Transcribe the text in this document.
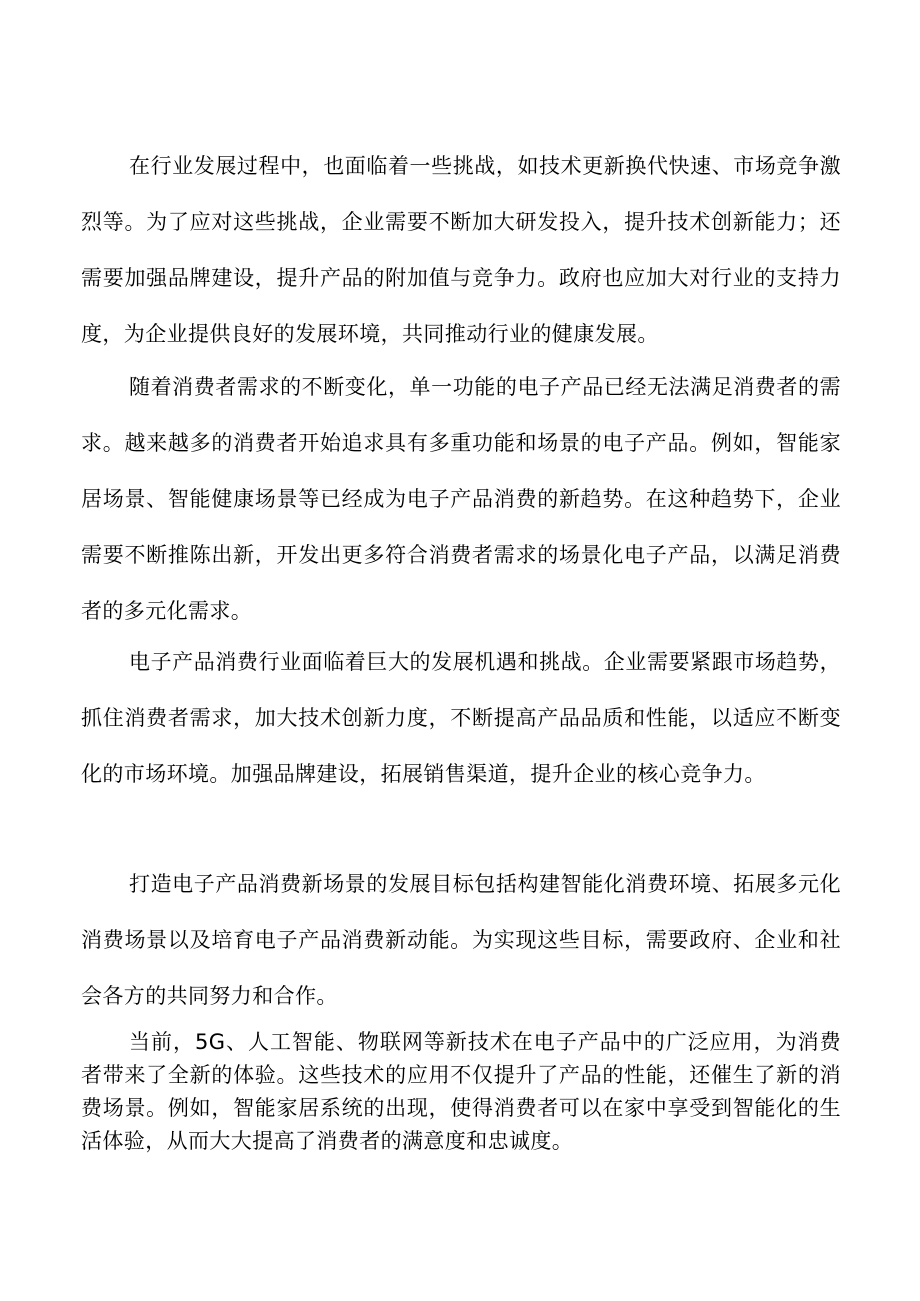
在行业发展过程中，也面临着一些挑战，如技术更新换代快速、市场竞争激烈等。为了应对这些挑战，企业需要不断加大研发投入，提升技术创新能力；还需要加强品牌建设，提升产品的附加值与竞争力。政府也应加大对行业的支持力度，为企业提供良好的发展环境，共同推动行业的健康发展。

随着消费者需求的不断变化，单一功能的电子产品已经无法满足消费者的需求。越来越多的消费者开始追求具有多重功能和场景的电子产品。例如，智能家居场景、智能健康场景等已经成为电子产品消费的新趋势。在这种趋势下，企业需要不断推陈出新，开发出更多符合消费者需求的场景化电子产品，以满足消费者的多元化需求。

电子产品消费行业面临着巨大的发展机遇和挑战。企业需要紧跟市场趋势，抓住消费者需求，加大技术创新力度，不断提高产品品质和性能，以适应不断变化的市场环境。加强品牌建设，拓展销售渠道，提升企业的核心竞争力。

打造电子产品消费新场景的发展目标包括构建智能化消费环境、拓展多元化消费场景以及培育电子产品消费新动能。为实现这些目标，需要政府、企业和社会各方的共同努力和合作。

当前，5G、人工智能、物联网等新技术在电子产品中的广泛应用，为消费者带来了全新的体验。这些技术的应用不仅提升了产品的性能，还催生了新的消费场景。例如，智能家居系统的出现，使得消费者可以在家中享受到智能化的生活体验，从而大大提高了消费者的满意度和忠诚度。
